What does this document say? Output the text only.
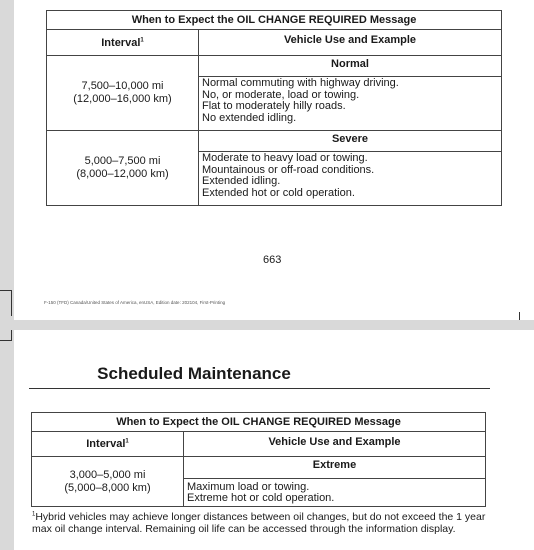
When to Expect the OIL CHANGE REQUIRED Message	
Interval$^1$	Vehicle Use and Example

7,500–10,000 mi
(12,000–16,000 km)	Normal

	Normal commuting with highway driving.
No, or moderate, load or towing.
Flat to moderately hilly roads.
No extended idling.

5,000–7,500 mi
(8,000–12,000 km)	Severe

	Moderate to heavy load or towing.
Mountainous or off-road conditions.
Extended idling.
Extended hot or cold operation.
663
F-150 (TFD) Canada/United States of America, enUSA, Edition date: 202104, First-Printing
Scheduled Maintenance
When to Expect the OIL CHANGE REQUIRED Message	
Interval$^1$	Vehicle Use and Example

3,000–5,000 mi
(5,000–8,000 km)	Extreme

	Maximum load or towing.
Extreme hot or cold operation.
$^1$Hybrid vehicles may achieve longer distances between oil changes, but do not exceed the 1 year max oil change interval. Remaining oil life can be accessed through the information display.
